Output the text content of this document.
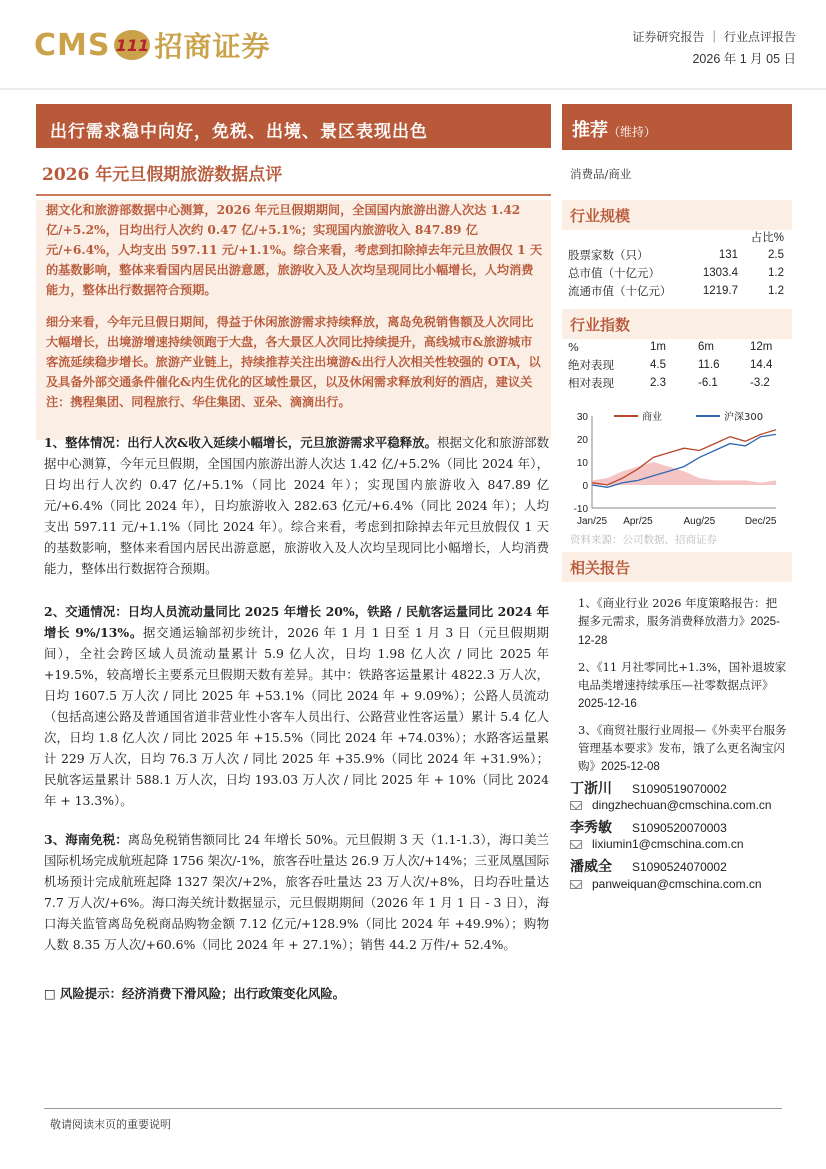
CMS 111 招商证券	证券研究报告 ｜ 行业点评报告
2026 年 1 月 05 日
出行需求稳中向好，免税、出境、景区表现出色
2026 年元旦假期旅游数据点评

据文化和旅游部数据中心测算，2026 年元旦假期期间，全国国内旅游出游人次达 1.42 亿/+5.2%，日均出行人次约 0.47 亿/+5.1%；实现国内旅游收入 847.89 亿元/+6.4%，人均支出 597.11 元/+1.1%。综合来看，考虑到扣除掉去年元旦放假仅 1 天的基数影响，整体来看国内居民出游意愿，旅游收入及人次均呈现同比小幅增长，人均消费能力，整体出行数据符合预期。

细分来看，今年元旦假日期间，得益于休闲旅游需求持续释放，离岛免税销售额及人次同比大幅增长，出境游增速持续领跑于大盘，各大景区人次同比持续提升，高线城市&旅游城市客流延续稳步增长。旅游产业链上，持续推荐关注出境游&出行人次相关性较强的 OTA，以及具备外部交通条件催化&内生优化的区域性景区，以及休闲需求释放利好的酒店，建议关注：携程集团、同程旅行、华住集团、亚朵、滴滴出行。

1、整体情况：出行人次&收入延续小幅增长，元旦旅游需求平稳释放。根据文化和旅游部数据中心测算，今年元旦假期，全国国内旅游出游人次达 1.42 亿/+5.2%（同比 2024 年），日均出行人次约 0.47 亿/+5.1%（同比 2024 年）；实现国内旅游收入 847.89 亿元/+6.4%（同比 2024 年），日均旅游收入 282.63 亿元/+6.4%（同比 2024 年）；人均支出 597.11 元/+1.1%（同比 2024 年）。综合来看，考虑到扣除掉去年元旦放假仅 1 天的基数影响，整体来看国内居民出游意愿，旅游收入及人次均呈现同比小幅增长，人均消费能力，整体出行数据符合预期。
2、交通情况：日均人员流动量同比 2025 年增长 20%，铁路 / 民航客运量同比 2024 年增长 9%/13%。据交通运输部初步统计，2026 年 1 月 1 日至 1 月 3 日（元旦假期期间），全社会跨区域人员流动量累计 5.9 亿人次，日均 1.98 亿人次 / 同比 2025 年 +19.5%，较高增长主要系元旦假期天数有差异。其中：铁路客运量累计 4822.3 万人次，日均 1607.5 万人次 / 同比 2025 年 +53.1%（同比 2024 年 + 9.09%）；公路人员流动（包括高速公路及普通国省道非营业性小客车人员出行、公路营业性客运量）累计 5.4 亿人次，日均 1.8 亿人次 / 同比 2025 年 +15.5%（同比 2024 年 +74.03%）；水路客运量累计 229 万人次，日均 76.3 万人次 / 同比 2025 年 +35.9%（同比 2024 年 +31.9%）；民航客运量累计 588.1 万人次，日均 193.03 万人次 / 同比 2025 年 + 10%（同比 2024 年 + 13.3%）。
3、海南免税：离岛免税销售额同比 24 年增长 50%。元旦假期 3 天（1.1-1.3），海口美兰国际机场完成航班起降 1756 架次/-1%，旅客吞吐量达 26.9 万人次/+14%；三亚凤凰国际机场预计完成航班起降 1327 架次/+2%，旅客吞吐量达 23 万人次/+8%，日均吞吐量达 7.7 万人次/+6%。海口海关统计数据显示，元旦假期期间（2026 年 1 月 1 日 - 3 日），海口海关监管离岛免税商品购物金额 7.12 亿元/+128.9%（同比 2024 年 +49.9%）；购物人数 8.35 万人次/+60.6%（同比 2024 年 + 27.1%）；销售 44.2 万件/+ 52.4%。
□ 风险提示：经济消费下滑风险；出行政策变化风险。
推荐（维持）
消费品/商业
行业规模
		占比%
股票家数（只）	131	2.5
总市值（十亿元）	1303.4	1.2
流通市值（十亿元）	1219.7	1.2
行业指数
%	1m	6m	12m
绝对表现	4.5	11.6	14.4
相对表现	2.3	-6.1	-3.2
30
20
10
0
-10
商业	沪深300
Jan/25 Apr/25	Aug/25	Dec/25
资料来源：公司数据、招商证券
相关报告
1、《商业行业 2026 年度策略报告：把握多元需求，服务消费释放潜力》2025-12-28
2、《11 月社零同比+1.3%，国补退坡家电品类增速持续承压—社零数据点评》2025-12-16
3、《商贸社服行业周报—《外卖平台服务管理基本要求》发布，饿了么更名淘宝闪购》2025-12-08
丁浙川 S1090519070002
dingzhechuan@cmschina.com.cn
李秀敏 S1090520070003
lixiumin1@cmschina.com.cn
潘威全 S1090524070002
panweiquan@cmschina.com.cn
敬请阅读末页的重要说明
